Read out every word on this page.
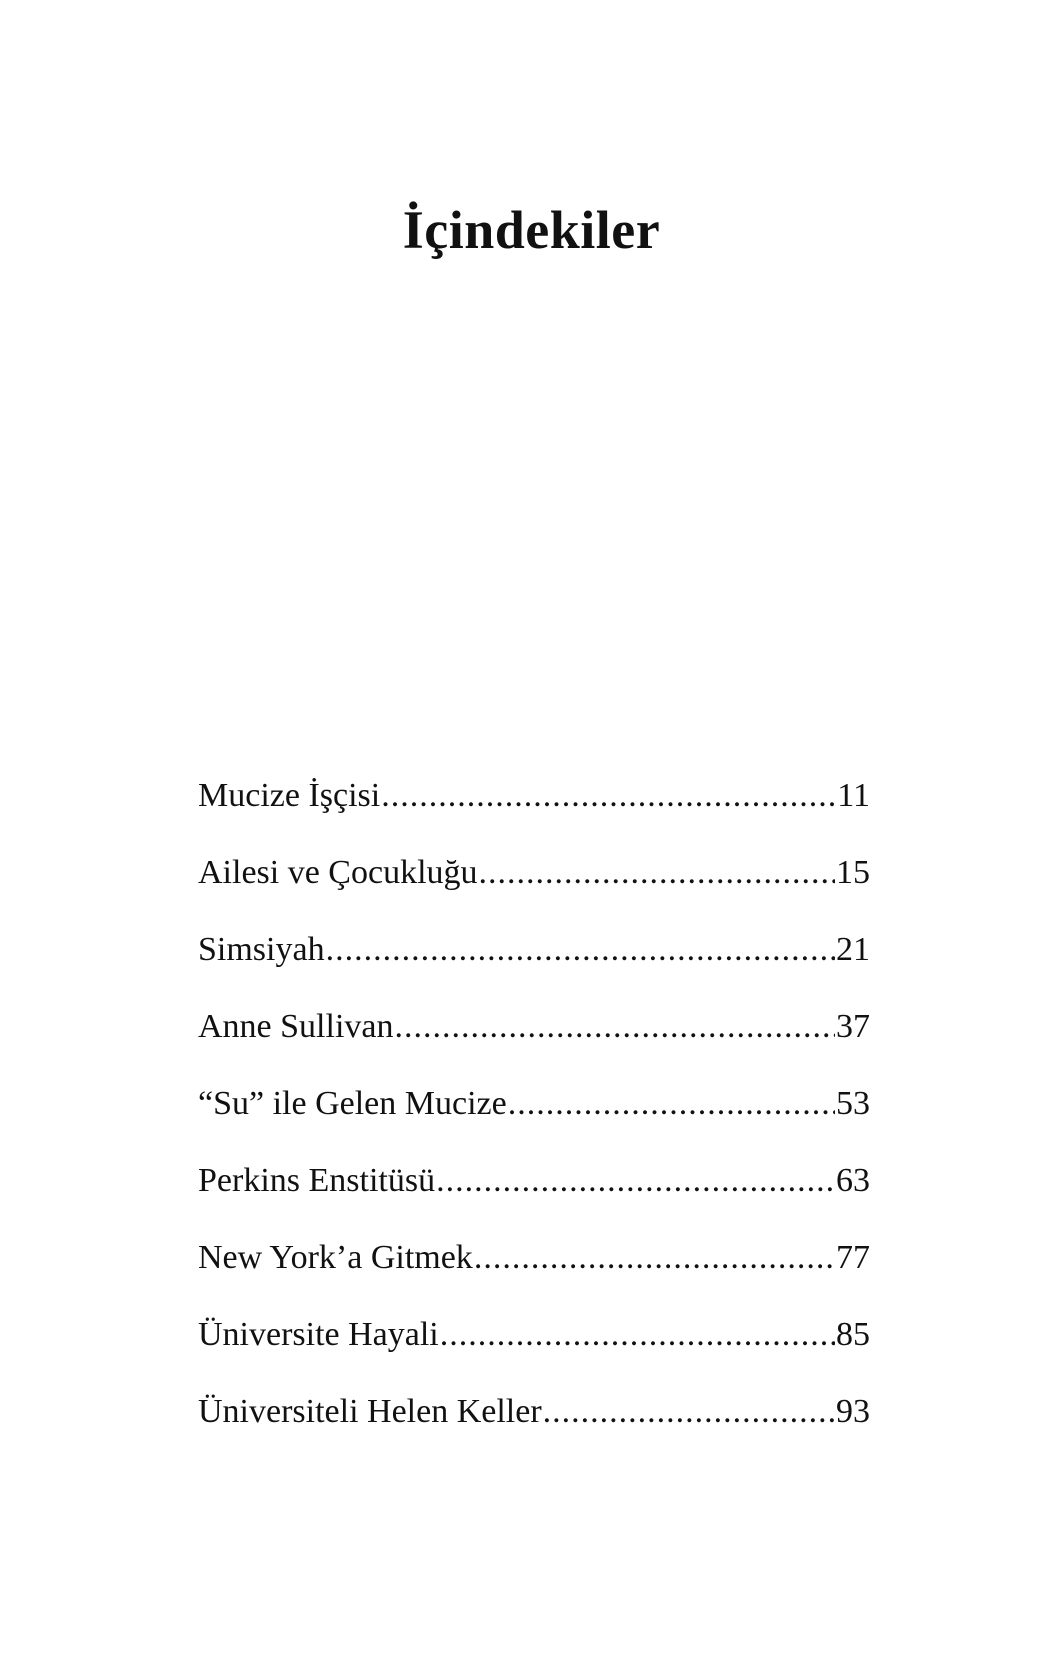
İçindekiler
Mucize İşçisi .....	11
Ailesi ve Çocukluğu .....	15
Simsiyah .....	21
Anne Sullivan .....	37
“Su” ile Gelen Mucize .....	53
Perkins Enstitüsü .....	63
New York’a Gitmek .....	77
Üniversite Hayali .....	85
Üniversiteli Helen Keller .....	93
